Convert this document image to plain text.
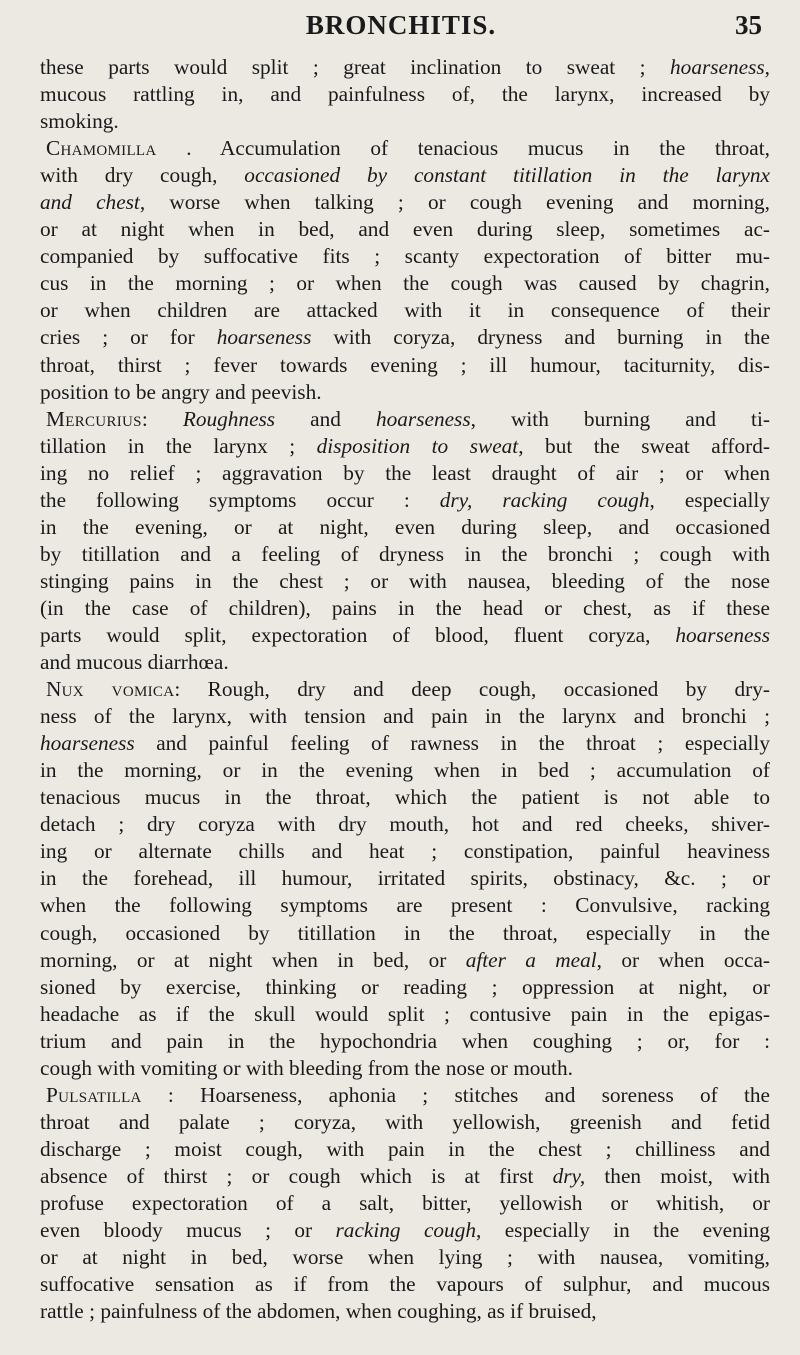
BRONCHITIS.	35
these parts would split ; great inclination to sweat ; hoarseness,
mucous rattling in, and painfulness of, the larynx, increased by
smoking.
Chamomilla . Accumulation of tenacious mucus in the throat,
with dry cough, occasioned by constant titillation in the larynx
and chest, worse when talking ; or cough evening and morning,
or at night when in bed, and even during sleep, sometimes ac-
companied by suffocative fits ; scanty expectoration of bitter mu-
cus in the morning ; or when the cough was caused by chagrin,
or when children are attacked with it in consequence of their
cries ; or for hoarseness with coryza, dryness and burning in the
throat, thirst ; fever towards evening ; ill humour, taciturnity, dis-
position to be angry and peevish.
Mercurius: Roughness and hoarseness, with burning and ti-
tillation in the larynx ; disposition to sweat, but the sweat afford-
ing no relief ; aggravation by the least draught of air ; or when
the following symptoms occur : dry, racking cough, especially
in the evening, or at night, even during sleep, and occasioned
by titillation and a feeling of dryness in the bronchi ; cough with
stinging pains in the chest ; or with nausea, bleeding of the nose
(in the case of children), pains in the head or chest, as if these
parts would split, expectoration of blood, fluent coryza, hoarseness
and mucous diarrhœa.
Nux vomica: Rough, dry and deep cough, occasioned by dry-
ness of the larynx, with tension and pain in the larynx and bronchi ;
hoarseness and painful feeling of rawness in the throat ; especially
in the morning, or in the evening when in bed ; accumulation of
tenacious mucus in the throat, which the patient is not able to
detach ; dry coryza with dry mouth, hot and red cheeks, shiver-
ing or alternate chills and heat ; constipation, painful heaviness
in the forehead, ill humour, irritated spirits, obstinacy, &c. ; or
when the following symptoms are present : Convulsive, racking
cough, occasioned by titillation in the throat, especially in the
morning, or at night when in bed, or after a meal, or when occa-
sioned by exercise, thinking or reading ; oppression at night, or
headache as if the skull would split ; contusive pain in the epigas-
trium and pain in the hypochondria when coughing ; or, for :
cough with vomiting or with bleeding from the nose or mouth.
Pulsatilla : Hoarseness, aphonia ; stitches and soreness of the
throat and palate ; coryza, with yellowish, greenish and fetid
discharge ; moist cough, with pain in the chest ; chilliness and
absence of thirst ; or cough which is at first dry, then moist, with
profuse expectoration of a salt, bitter, yellowish or whitish, or
even bloody mucus ; or racking cough, especially in the evening
or at night in bed, worse when lying ; with nausea, vomiting,
suffocative sensation as if from the vapours of sulphur, and mucous
rattle ; painfulness of the abdomen, when coughing, as if bruised,
